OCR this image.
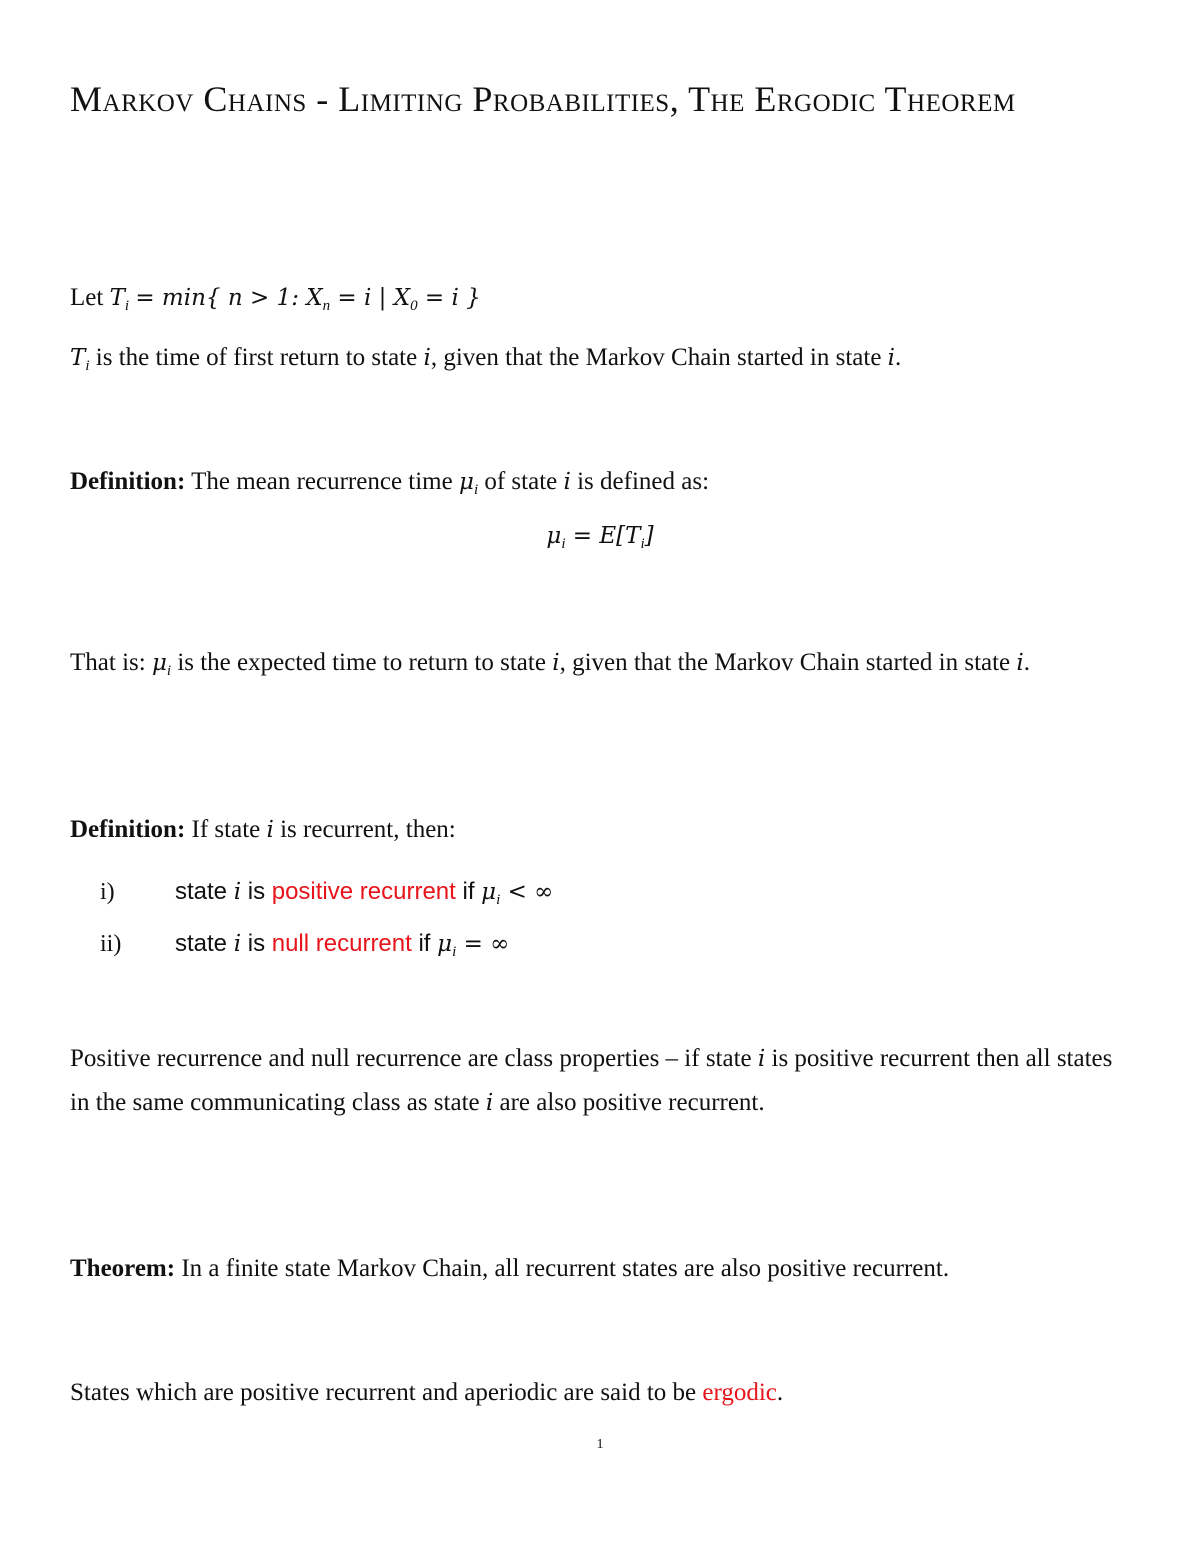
Markov Chains - Limiting Probabilities, The Ergodic Theorem
Let $T_i = \min${ n > 1: $X_n = i$ | $X_0 = i$ }
$T_i$ is the time of first return to state i, given that the Markov Chain started in state i.
Definition: The mean recurrence time $\mu_i$ of state i is defined as:
$\mu_i = E[T_i]$
That is: $\mu_i$ is the expected time to return to state i, given that the Markov Chain started in state i.
Definition: If state i is recurrent, then:
i)	state i is positive recurrent if $\mu_i$ < ∞
ii) state i is null recurrent if $\mu_i$ = ∞
Positive recurrence and null recurrence are class properties – if state i is positive recurrent then all states in the same communicating class as state i are also positive recurrent.
Theorem: In a finite state Markov Chain, all recurrent states are also positive recurrent.
States which are positive recurrent and aperiodic are said to be ergodic.
1
